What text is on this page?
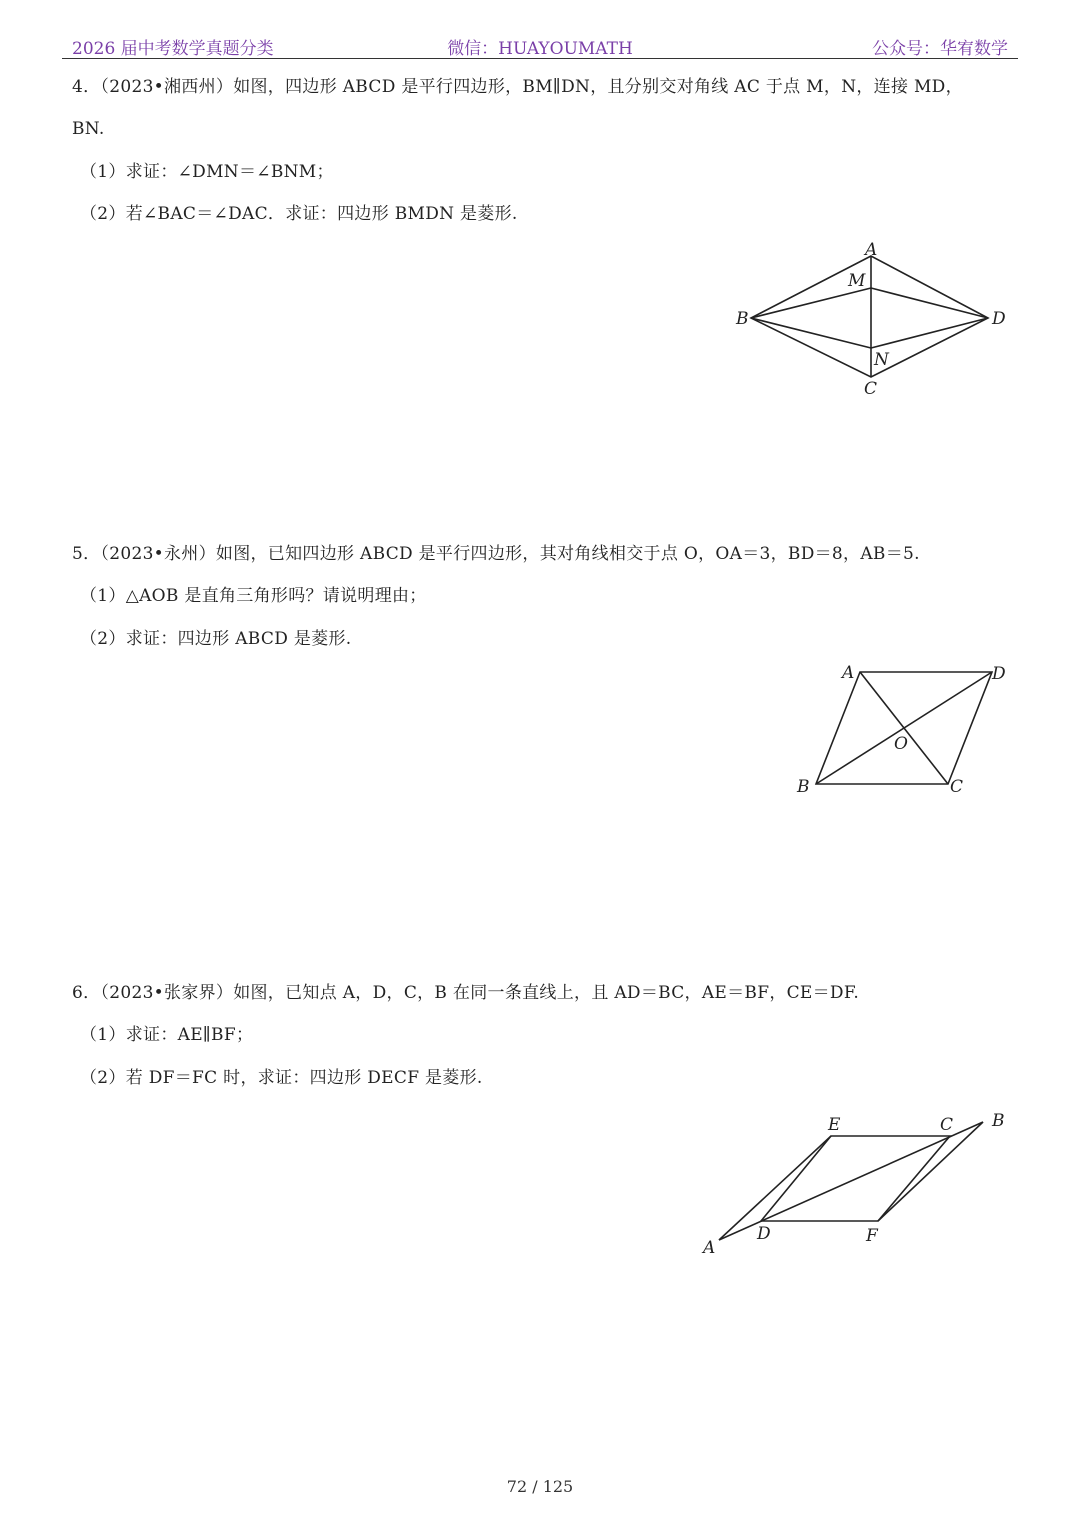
2026 届中考数学真题分类	微信：HUAYOUMATH	公众号：华宥数学
4．（2023•湘西州）如图，四边形 ABCD 是平行四边形，BM∥DN，且分别交对角线 AC 于点 M，N，连接 MD，
BN.
（1）求证：∠DMN＝∠BNM；
（2）若∠BAC＝∠DAC．求证：四边形 BMDN 是菱形.
A
M
B	D
N
C
5．（2023•永州）如图，已知四边形 ABCD 是平行四边形，其对角线相交于点 O，OA＝3，BD＝8，AB＝5.
（1）△AOB 是直角三角形吗？请说明理由；
（2）求证：四边形 ABCD 是菱形.
A	D
O
B	C
6．（2023•张家界）如图，已知点 A，D，C，B 在同一条直线上，且 AD＝BC，AE＝BF，CE＝DF.
（1）求证：AE∥BF；
（2）若 DF＝FC 时，求证：四边形 DECF 是菱形.
E	C B
D	F
A
72 / 125
